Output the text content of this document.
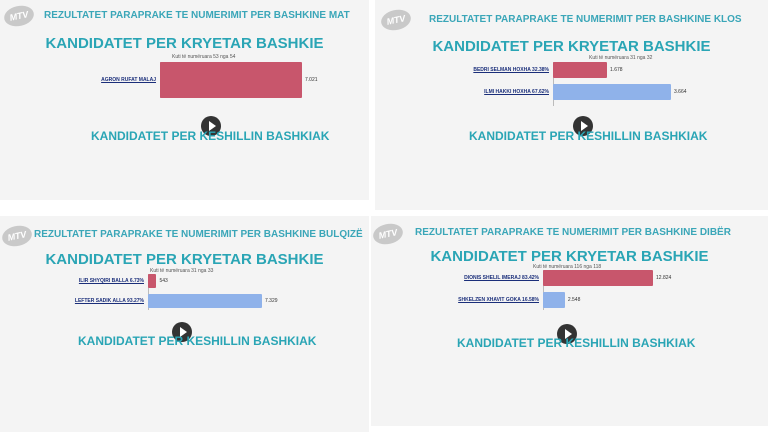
MTV	REZULTATET PARAPRAKE TE NUMERIMIT PER BASHKINE MAT
KANDIDATET PER KRYETAR BASHKIE
Kuti të numëruara 53 nga 54
AGRON RUFAT MALAJ	7.021
KANDIDATET PER KESHILLIN BASHKIAK
MTV	REZULTATET PARAPRAKE TE NUMERIMIT PER BASHKINE KLOS
KANDIDATET PER KRYETAR BASHKIE
Kuti të numëruara 31 nga 32
BEDRI SELMAN HOXHA 32.38%	1.678
ILMI HAKKI HOXHA 67.62%	3.664
KANDIDATET PER KESHILLIN BASHKIAK
MTV REZULTATET PARAPRAKE TE NUMERIMIT PER BASHKINE BULQIZË
KANDIDATET PER KRYETAR BASHKIE
Kuti të numëruara 31 nga 33
ILIR SHYQIRI BALLA 6.73%	543
LEFTER SADIK ALLA 93.27%	7.329
KANDIDATET PER KESHILLIN BASHKIAK
MTV	REZULTATET PARAPRAKE TE NUMERIMIT PER BASHKINE DIBËR
KANDIDATET PER KRYETAR BASHKIE
Kuti të numëruara 116 nga 118
DIONIS SHELIL IMERAJ 83.42%	12.824
SHKELZEN XHAVIT GOKA 16.58%	2.548
KANDIDATET PER KESHILLIN BASHKIAK
